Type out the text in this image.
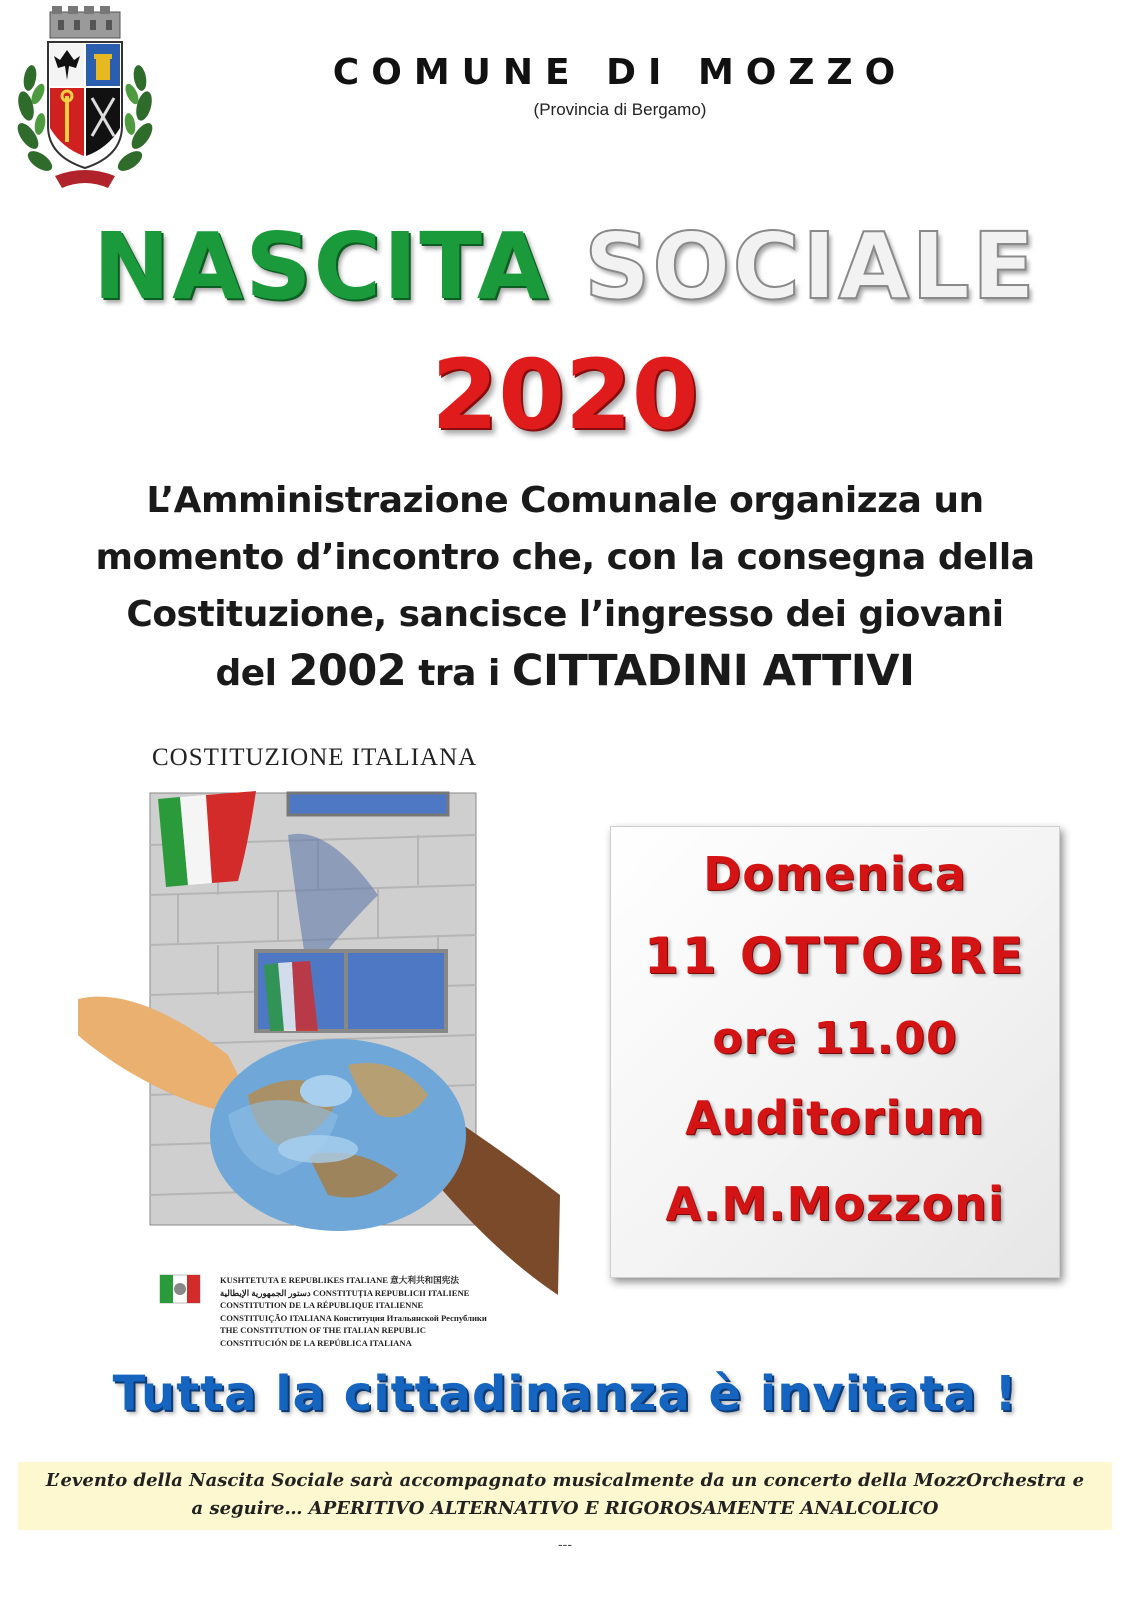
COMUNE DI MOZZO
(Provincia di Bergamo)
NASCITA SOCIALE
2020
L’Amministrazione Comunale organizza un
momento d’incontro che, con la consegna della
Costituzione, sancisce l’ingresso dei giovani
del 2002 tra i CITTADINI ATTIVI
COSTITUZIONE ITALIANA
KUSHTETUTA E REPUBLIKES ITALIANE 意大利共和国宪法
دستور الجمهورية الإيطالية CONSTITUȚIA REPUBLICII ITALIENE
CONSTITUTION DE LA RÉPUBLIQUE ITALIENNE
CONSTITUIÇÃO ITALIANA Конституция Итальянской Республики
THE CONSTITUTION OF THE ITALIAN REPUBLIC
CONSTITUCIÓN DE LA REPÚBLICA ITALIANA
Domenica
11 OTTOBRE
ore 11.00
Auditorium
A.M.Mozzoni
Tutta la cittadinanza è invitata !
L’evento della Nascita Sociale sarà accompagnato musicalmente da un concerto della MozzOrchestra e
a seguire… APERITIVO ALTERNATIVO E RIGOROSAMENTE ANALCOLICO
---
